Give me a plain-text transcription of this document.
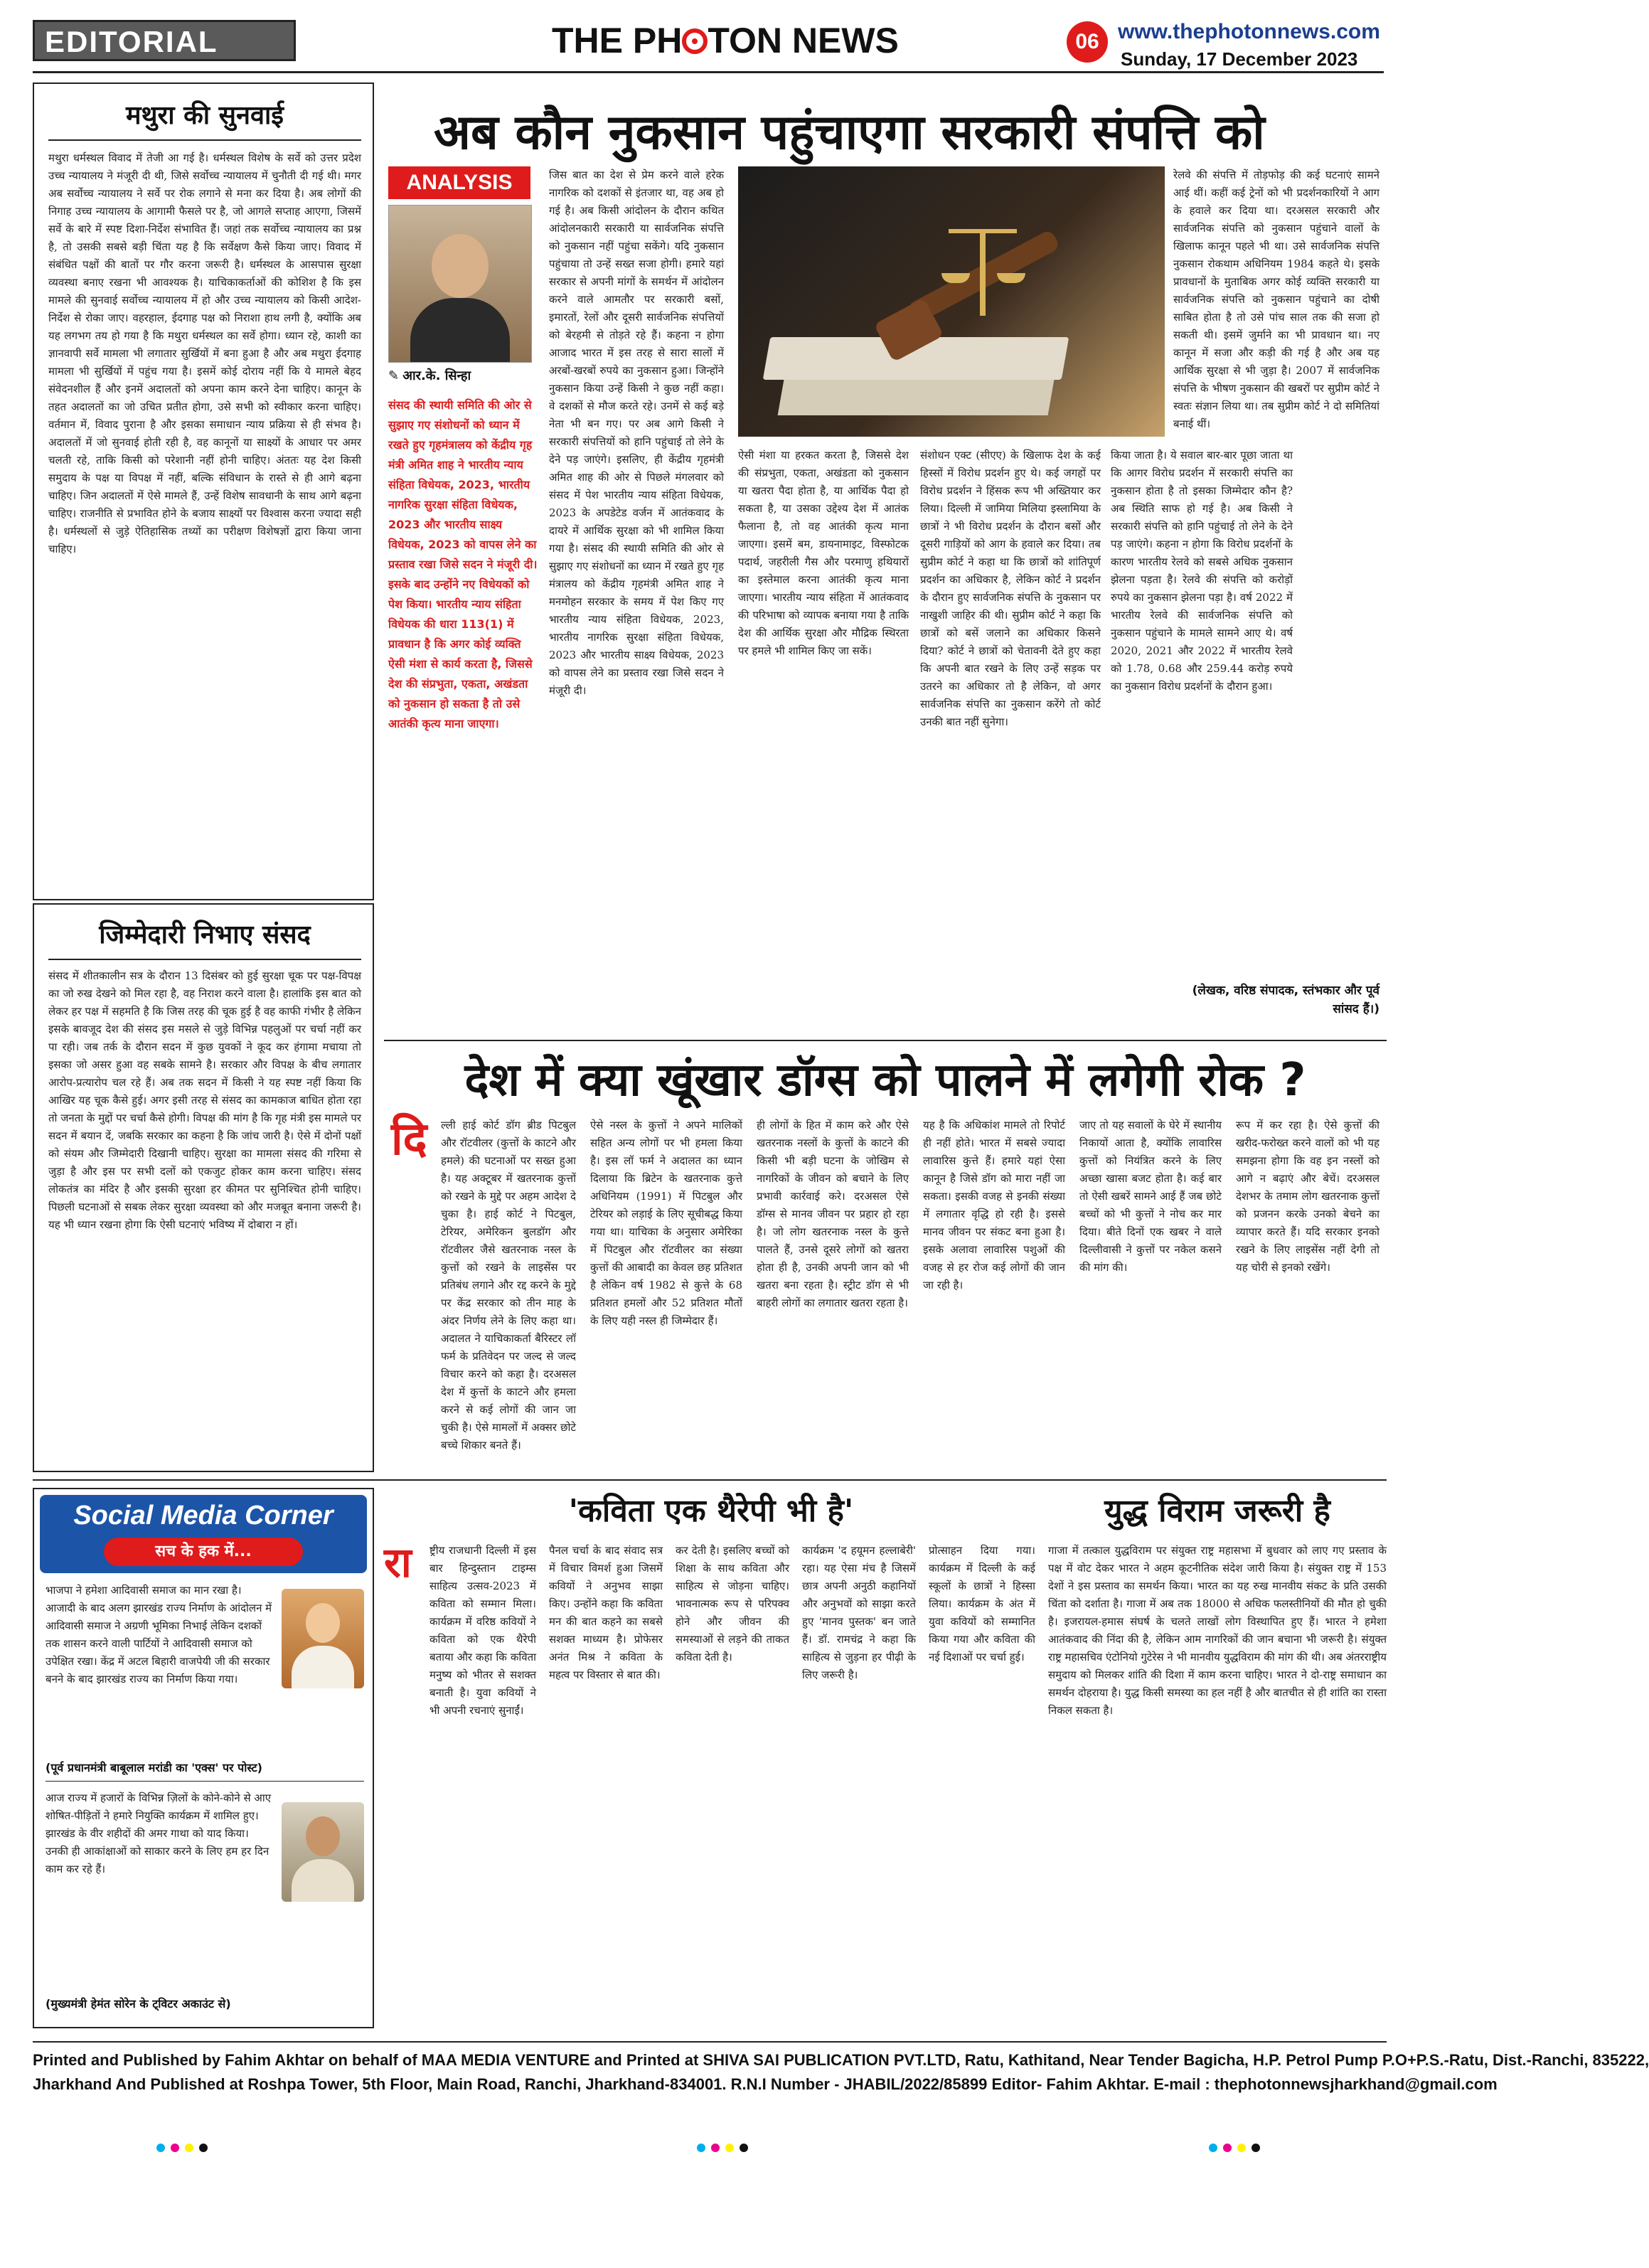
EDITORIAL	THE PH TON NEWS	06 www.thephotonnews.com
Sunday, 17 December 2023
मथुरा की सुनवाई
मथुरा धर्मस्थल विवाद में तेजी आ गई है। धर्मस्थल विशेष के सर्वे को उत्तर प्रदेश उच्च न्यायालय ने मंजूरी दी थी, जिसे सर्वोच्च न्यायालय में चुनौती दी गई थी। मगर अब सर्वोच्च न्यायालय ने सर्वे पर रोक लगाने से मना कर दिया है। अब लोगों की निगाह उच्च न्यायालय के आगामी फैसले पर है, जो आगले सप्ताह आएगा, जिसमें सर्वे के बारे में स्पष्ट दिशा-निर्देश संभावित हैं। जहां तक सर्वोच्च न्यायालय का प्रश्न है, तो उसकी सबसे बड़ी चिंता यह है कि सर्वेक्षण कैसे किया जाए। विवाद में संबंधित पक्षों की बातों पर गौर करना जरूरी है। धर्मस्थल के आसपास सुरक्षा व्यवस्था बनाए रखना भी आवश्यक है। याचिकाकर्ताओं की कोशिश है कि इस मामले की सुनवाई सर्वोच्च न्यायालय में हो और उच्च न्यायालय को किसी आदेश-निर्देश से रोका जाए। वहरहाल, ईदगाह पक्ष को निराशा हाथ लगी है, क्योंकि अब यह लगभग तय हो गया है कि मथुरा धर्मस्थल का सर्वे होगा। ध्यान रहे, काशी का ज्ञानवापी सर्वे मामला भी लगातार सुर्खियों में बना हुआ है और अब मथुरा ईदगाह मामला भी सुर्खियों में पहुंच गया है। इसमें कोई दोराय नहीं कि ये मामले बेहद संवेदनशील हैं और इनमें अदालतों को अपना काम करने देना चाहिए। कानून के तहत अदालतों का जो उचित प्रतीत होगा, उसे सभी को स्वीकार करना चाहिए। वर्तमान में, विवाद पुराना है और इसका समाधान न्याय प्रक्रिया से ही संभव है। अदालतों में जो सुनवाई होती रही है, वह कानूनों या साक्ष्यों के आधार पर अमर चलती रहे, ताकि किसी को परेशानी नहीं होनी चाहिए। अंततः यह देश किसी समुदाय के पक्ष या विपक्ष में नहीं, बल्कि संविधान के रास्ते से ही आगे बढ़ना चाहिए। जिन अदालतों में ऐसे मामले हैं, उन्हें विशेष सावधानी के साथ आगे बढ़ना चाहिए। राजनीति से प्रभावित होने के बजाय साक्ष्यों पर विश्वास करना ज्यादा सही है। धर्मस्थलों से जुड़े ऐतिहासिक तथ्यों का परीक्षण विशेषज्ञों द्वारा किया जाना चाहिए।
जिम्मेदारी निभाए संसद
संसद में शीतकालीन सत्र के दौरान 13 दिसंबर को हुई सुरक्षा चूक पर पक्ष-विपक्ष का जो रुख देखने को मिल रहा है, वह निराश करने वाला है। हालांकि इस बात को लेकर हर पक्ष में सहमति है कि जिस तरह की चूक हुई है वह काफी गंभीर है लेकिन इसके बावजूद देश की संसद इस मसले से जुड़े विभिन्न पहलुओं पर चर्चा नहीं कर पा रही। जब तर्क के दौरान सदन में कुछ युवकों ने कूद कर हंगामा मचाया तो इसका जो असर हुआ वह सबके सामने है। सरकार और विपक्ष के बीच लगातार आरोप-प्रत्यारोप चल रहे हैं। अब तक सदन में किसी ने यह स्पष्ट नहीं किया कि आखिर यह चूक कैसे हुई। अगर इसी तरह से संसद का कामकाज बाधित होता रहा तो जनता के मुद्दों पर चर्चा कैसे होगी। विपक्ष की मांग है कि गृह मंत्री इस मामले पर सदन में बयान दें, जबकि सरकार का कहना है कि जांच जारी है। ऐसे में दोनों पक्षों को संयम और जिम्मेदारी दिखानी चाहिए। सुरक्षा का मामला संसद की गरिमा से जुड़ा है और इस पर सभी दलों को एकजुट होकर काम करना चाहिए। संसद लोकतंत्र का मंदिर है और इसकी सुरक्षा हर कीमत पर सुनिश्चित होनी चाहिए। पिछली घटनाओं से सबक लेकर सुरक्षा व्यवस्था को और मजबूत बनाना जरूरी है। यह भी ध्यान रखना होगा कि ऐसी घटनाएं भविष्य में दोबारा न हों।
अब कौन नुकसान पहुंचाएगा सरकारी संपत्ति को
ANALYSIS
✎ आर.के. सिन्हा
संसद की स्थायी समिति की ओर से सुझाए गए संशोधनों को ध्यान में रखते हुए गृहमंत्रालय को केंद्रीय गृह मंत्री अमित शाह ने भारतीय न्याय संहिता विधेयक, 2023, भारतीय नागरिक सुरक्षा संहिता विधेयक, 2023 और भारतीय साक्ष्य विधेयक, 2023 को वापस लेने का प्रस्ताव रखा जिसे सदन ने मंजूरी दी। इसके बाद उन्होंने नए विधेयकों को पेश किया। भारतीय न्याय संहिता विधेयक की धारा 113(1) में प्रावधान है कि अगर कोई व्यक्ति ऐसी मंशा से कार्य करता है, जिससे देश की संप्रभुता, एकता, अखंडता को नुकसान हो सकता है तो उसे आतंकी कृत्य माना जाएगा।
जिस बात का देश से प्रेम करने वाले हरेक नागरिक को दशकों से इंतजार था, वह अब हो गई है। अब किसी आंदोलन के दौरान कथित आंदोलनकारी सरकारी या सार्वजनिक संपत्ति को नुकसान नहीं पहुंचा सकेंगे। यदि नुकसान पहुंचाया तो उन्हें सख्त सजा होगी। हमारे यहां सरकार से अपनी मांगों के समर्थन में आंदोलन करने वाले आमतौर पर सरकारी बसों, इमारतों, रेलों और दूसरी सार्वजनिक संपत्तियों को बेरहमी से तोड़ते रहे हैं। कहना न होगा आजाद भारत में इस तरह से सारा सालों में अरबों-खरबों रुपये का नुकसान हुआ। जिन्होंने नुकसान किया उन्हें किसी ने कुछ नहीं कहा। वे दशकों से मौज करते रहे। उनमें से कई बड़े नेता भी बन गए। पर अब आगे किसी ने सरकारी संपत्तियों को हानि पहुंचाई तो लेने के देने पड़ जाएंगे। इसलिए, ही केंद्रीय गृहमंत्री अमित शाह की ओर से पिछले मंगलवार को संसद में पेश भारतीय न्याय संहिता विधेयक, 2023 के अपडेटेड वर्जन में आतंकवाद के दायरे में आर्थिक सुरक्षा को भी शामिल किया गया है। संसद की स्थायी समिति की ओर से सुझाए गए संशोधनों का ध्यान में रखते हुए गृह मंत्रालय को केंद्रीय गृहमंत्री अमित शाह ने मनमोहन सरकार के समय में पेश किए गए भारतीय न्याय संहिता विधेयक, 2023, भारतीय नागरिक सुरक्षा संहिता विधेयक, 2023 और भारतीय साक्ष्य विधेयक, 2023 को वापस लेने का प्रस्ताव रखा जिसे सदन ने मंजूरी दी।
ऐसी मंशा या हरकत करता है, जिससे देश की संप्रभुता, एकता, अखंडता को नुकसान या खतरा पैदा होता है, या आर्थिक पैदा हो सकता है, या उसका उद्देश्य देश में आतंक फैलाना है, तो वह आतंकी कृत्य माना जाएगा। इसमें बम, डायनामाइट, विस्फोटक पदार्थ, जहरीली गैस और परमाणु हथियारों का इस्तेमाल करना आतंकी कृत्य माना जाएगा। भारतीय न्याय संहिता में आतंकवाद की परिभाषा को व्यापक बनाया गया है ताकि देश की आर्थिक सुरक्षा और मौद्रिक स्थिरता पर हमले भी शामिल किए जा सकें।
संशोधन एक्ट (सीएए) के खिलाफ देश के कई हिस्सों में विरोध प्रदर्शन हुए थे। कई जगहों पर विरोध प्रदर्शन ने हिंसक रूप भी अख्तियार कर लिया। दिल्ली में जामिया मिलिया इस्लामिया के छात्रों ने भी विरोध प्रदर्शन के दौरान बसों और दूसरी गाड़ियों को आग के हवाले कर दिया। तब सुप्रीम कोर्ट ने कहा था कि छात्रों को शांतिपूर्ण प्रदर्शन का अधिकार है, लेकिन कोर्ट ने प्रदर्शन के दौरान हुए सार्वजनिक संपत्ति के नुकसान पर नाखुशी जाहिर की थी। सुप्रीम कोर्ट ने कहा कि छात्रों को बसें जलाने का अधिकार किसने दिया? कोर्ट ने छात्रों को चेतावनी देते हुए कहा कि अपनी बात रखने के लिए उन्हें सड़क पर उतरने का अधिकार तो है लेकिन, वो अगर सार्वजनिक संपत्ति का नुकसान करेंगे तो कोर्ट उनकी बात नहीं सुनेगा।
किया जाता है। ये सवाल बार-बार पूछा जाता था कि आगर विरोध प्रदर्शन में सरकारी संपत्ति का नुकसान होता है तो इसका जिम्मेदार कौन है? अब स्थिति साफ हो गई है। अब किसी ने सरकारी संपत्ति को हानि पहुंचाई तो लेने के देने पड़ जाएंगे। कहना न होगा कि विरोध प्रदर्शनों के कारण भारतीय रेलवे को सबसे अधिक नुकसान झेलना पड़ता है। रेलवे की संपत्ति को करोड़ों रुपये का नुकसान झेलना पड़ा है। वर्ष 2022 में भारतीय रेलवे की सार्वजनिक संपत्ति को नुकसान पहुंचाने के मामले सामने आए थे। वर्ष 2020, 2021 और 2022 में भारतीय रेलवे को 1.78, 0.68 और 259.44 करोड़ रुपये का नुकसान विरोध प्रदर्शनों के दौरान हुआ।
रेलवे की संपत्ति में तोड़फोड़ की कई घटनाएं सामने आई थीं। कहीं कई ट्रेनों को भी प्रदर्शनकारियों ने आग के हवाले कर दिया था। दरअसल सरकारी और सार्वजनिक संपत्ति को नुकसान पहुंचाने वालों के खिलाफ कानून पहले भी था। उसे सार्वजनिक संपत्ति नुकसान रोकथाम अधिनियम 1984 कहते थे। इसके प्रावधानों के मुताबिक अगर कोई व्यक्ति सरकारी या सार्वजनिक संपत्ति को नुकसान पहुंचाने का दोषी साबित होता है तो उसे पांच साल तक की सजा हो सकती थी। इसमें जुर्माने का भी प्रावधान था। नए कानून में सजा और कड़ी की गई है और अब यह आर्थिक सुरक्षा से भी जुड़ा है। 2007 में सार्वजनिक संपत्ति के भीषण नुकसान की खबरों पर सुप्रीम कोर्ट ने स्वतः संज्ञान लिया था। तब सुप्रीम कोर्ट ने दो समितियां बनाई थीं।
(लेखक, वरिष्ठ संपादक, स्तंभकार और पूर्व सांसद हैं।)
देश में क्या खूंखार डॉग्स को पालने में लगेगी रोक ?
दि	ल्ली हाई कोर्ट डॉग ब्रीड पिटबुल और रॉटवीलर (कुत्तों के काटने और हमले) की घटनाओं पर सख्त हुआ है। यह अक्टूबर में खतरनाक कुत्तों को रखने के मुद्दे पर अहम आदेश दे चुका है। हाई कोर्ट ने पिटबुल, टेरियर, अमेरिकन बुलडॉग और रॉटवीलर जैसे खतरनाक नस्ल के कुत्तों को रखने के लाइसेंस पर प्रतिबंध लगाने और रद्द करने के मुद्दे पर केंद्र सरकार को तीन माह के अंदर निर्णय लेने के लिए कहा था। अदालत ने याचिकाकर्ता बैरिस्टर लॉ फर्म के प्रतिवेदन पर जल्द से जल्द विचार करने को कहा है। दरअसल देश में कुत्तों के काटने और हमला करने से कई लोगों की जान जा चुकी है। ऐसे मामलों में अक्सर छोटे बच्चे शिकार बनते हैं।
ऐसे नस्ल के कुत्तों ने अपने मालिकों सहित अन्य लोगों पर भी हमला किया है। इस लॉ फर्म ने अदालत का ध्यान दिलाया कि ब्रिटेन के खतरनाक कुत्ते अधिनियम (1991) में पिटबुल और टेरियर को लड़ाई के लिए सूचीबद्ध किया गया था। याचिका के अनुसार अमेरिका में पिटबुल और रॉटवीलर का संख्या कुत्तों की आबादी का केवल छह प्रतिशत है लेकिन वर्ष 1982 से कुत्ते के 68 प्रतिशत हमलों और 52 प्रतिशत मौतों के लिए यही नस्ल ही जिम्मेदार हैं।
ही लोगों के हित में काम करे और ऐसे खतरनाक नस्लों के कुत्तों के काटने की किसी भी बड़ी घटना के जोखिम से नागरिकों के जीवन को बचाने के लिए प्रभावी कार्रवाई करे। दरअसल ऐसे डॉग्स से मानव जीवन पर प्रहार हो रहा है। जो लोग खतरनाक नस्ल के कुत्ते पालते हैं, उनसे दूसरे लोगों को खतरा होता ही है, उनकी अपनी जान को भी खतरा बना रहता है। स्ट्रीट डॉग से भी बाहरी लोगों का लगातार खतरा रहता है।
यह है कि अधिकांश मामले तो रिपोर्ट ही नहीं होते। भारत में सबसे ज्यादा लावारिस कुत्ते हैं। हमारे यहां ऐसा कानून है जिसे डॉग को मारा नहीं जा सकता। इसकी वजह से इनकी संख्या में लगातार वृद्धि हो रही है। इससे मानव जीवन पर संकट बना हुआ है। इसके अलावा लावारिस पशुओं की वजह से हर रोज कई लोगों की जान जा रही है।
जाए तो यह सवालों के घेरे में स्थानीय निकायों आता है, क्योंकि लावारिस कुत्तों को नियंत्रित करने के लिए अच्छा खासा बजट होता है। कई बार तो ऐसी खबरें सामने आई हैं जब छोटे बच्चों को भी कुत्तों ने नोच कर मार दिया। बीते दिनों एक खबर ने वाले दिल्लीवासी ने कुत्तों पर नकेल कसने की मांग की।
रूप में कर रहा है। ऐसे कुत्तों की खरीद-फरोख्त करने वालों को भी यह समझना होगा कि वह इन नस्लों को आगे न बढ़ाएं और बेचें। दरअसल देशभर के तमाम लोग खतरनाक कुत्तों को प्रजनन करके उनको बेचने का व्यापार करते हैं। यदि सरकार इनको रखने के लिए लाइसेंस नहीं देगी तो यह चोरी से इनको रखेंगे।
Social Media Corner
सच के हक में...
भाजपा ने हमेशा आदिवासी समाज का मान रखा है। आजादी के बाद अलग झारखंड राज्य निर्माण के आंदोलन में आदिवासी समाज ने अग्रणी भूमिका निभाई लेकिन दशकों तक शासन करने वाली पार्टियों ने आदिवासी समाज को उपेक्षित रखा। केंद्र में अटल बिहारी वाजपेयी जी की सरकार बनने के बाद झारखंड राज्य का निर्माण किया गया।
(पूर्व प्रधानमंत्री बाबूलाल मरांडी का 'एक्स' पर पोस्ट)
आज राज्य में हजारों के विभिन्न ज़िलों के कोने-कोने से आए शोषित-पीड़ितों ने हमारे नियुक्ति कार्यक्रम में शामिल हुए। झारखंड के वीर शहीदों की अमर गाथा को याद किया। उनकी ही आकांक्षाओं को साकार करने के लिए हम हर दिन काम कर रहे हैं।
(मुख्यमंत्री हेमंत सोरेन के ट्विटर अकाउंट से)
'कविता एक थैरेपी भी है'
रा	ष्ट्रीय राजधानी दिल्ली में इस बार हिन्दुस्तान टाइम्स साहित्य उत्सव-2023 में कविता को सम्मान मिला। कार्यक्रम में वरिष्ठ कवियों ने कविता को एक थैरेपी बताया और कहा कि कविता मनुष्य को भीतर से सशक्त बनाती है। युवा कवियों ने भी अपनी रचनाएं सुनाईं।
पैनल चर्चा के बाद संवाद सत्र में विचार विमर्श हुआ जिसमें कवियों ने अनुभव साझा किए। उन्होंने कहा कि कविता मन की बात कहने का सबसे सशक्त माध्यम है। प्रोफेसर अनंत मिश्र ने कविता के महत्व पर विस्तार से बात की।
कर देती है। इसलिए बच्चों को शिक्षा के साथ कविता और साहित्य से जोड़ना चाहिए। भावनात्मक रूप से परिपक्व होने और जीवन की समस्याओं से लड़ने की ताकत कविता देती है।
कार्यक्रम 'द हयूमन हल्लाबेरी' रहा। यह ऐसा मंच है जिसमें छात्र अपनी अनुठी कहानियों और अनुभवों को साझा करते हुए 'मानव पुस्तक' बन जाते हैं। डॉ. रामचंद्र ने कहा कि साहित्य से जुड़ना हर पीढ़ी के लिए जरूरी है।
प्रोत्साहन दिया गया। कार्यक्रम में दिल्ली के कई स्कूलों के छात्रों ने हिस्सा लिया। कार्यक्रम के अंत में युवा कवियों को सम्मानित किया गया और कविता की नई दिशाओं पर चर्चा हुई।
युद्ध विराम जरूरी है
गाजा में तत्काल युद्धविराम पर संयुक्त राष्ट्र महासभा में बुधवार को लाए गए प्रस्ताव के पक्ष में वोट देकर भारत ने अहम कूटनीतिक संदेश जारी किया है। संयुक्त राष्ट्र में 153 देशों ने इस प्रस्ताव का समर्थन किया। भारत का यह रुख मानवीय संकट के प्रति उसकी चिंता को दर्शाता है। गाजा में अब तक 18000 से अधिक फलस्तीनियों की मौत हो चुकी है। इजरायल-हमास संघर्ष के चलते लाखों लोग विस्थापित हुए हैं। भारत ने हमेशा आतंकवाद की निंदा की है, लेकिन आम नागरिकों की जान बचाना भी जरूरी है। संयुक्त राष्ट्र महासचिव एंटोनियो गुटेरेस ने भी मानवीय युद्धविराम की मांग की थी। अब अंतरराष्ट्रीय समुदाय को मिलकर शांति की दिशा में काम करना चाहिए। भारत ने दो-राष्ट्र समाधान का समर्थन दोहराया है। युद्ध किसी समस्या का हल नहीं है और बातचीत से ही शांति का रास्ता निकल सकता है।
Printed and Published by Fahim Akhtar on behalf of MAA MEDIA VENTURE and Printed at SHIVA SAI PUBLICATION PVT.LTD, Ratu, Kathitand, Near Tender Bagicha, H.P. Petrol Pump P.O+P.S.-Ratu, Dist.-Ranchi, 835222,
Jharkhand And Published at Roshpa Tower, 5th Floor, Main Road, Ranchi, Jharkhand-834001. R.N.I Number - JHABIL/2022/85899 Editor- Fahim Akhtar. E-mail : thephotonnewsjharkhand@gmail.com
